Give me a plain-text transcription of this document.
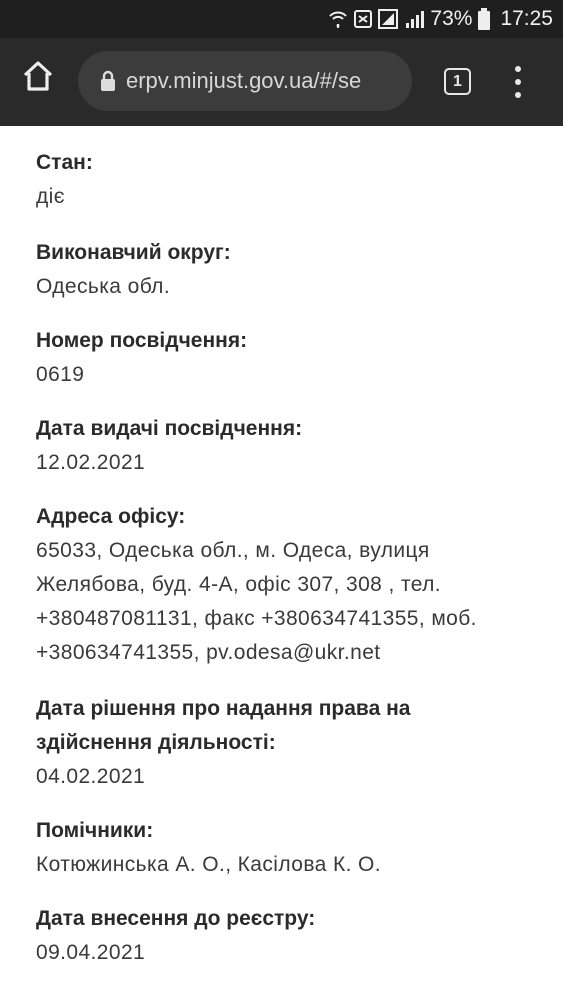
73% 17:25
erpv.minjust.gov.ua/#/se	1
Стан:
діє
Виконавчий округ:
Одеська обл.
Номер посвідчення:
0619
Дата видачі посвідчення:
12.02.2021
Адреса офісу:
65033, Одеська обл., м. Одеса, вулиця
Желябова, буд. 4-А, офіс 307, 308 , тел.
+380487081131, факс +380634741355, моб.
+380634741355, pv.odesa@ukr.net
Дата рішення про надання права на
здійснення діяльності:
04.02.2021
Помічники:
Котюжинська А. О., Касілова К. О.
Дата внесення до реєстру:
09.04.2021
